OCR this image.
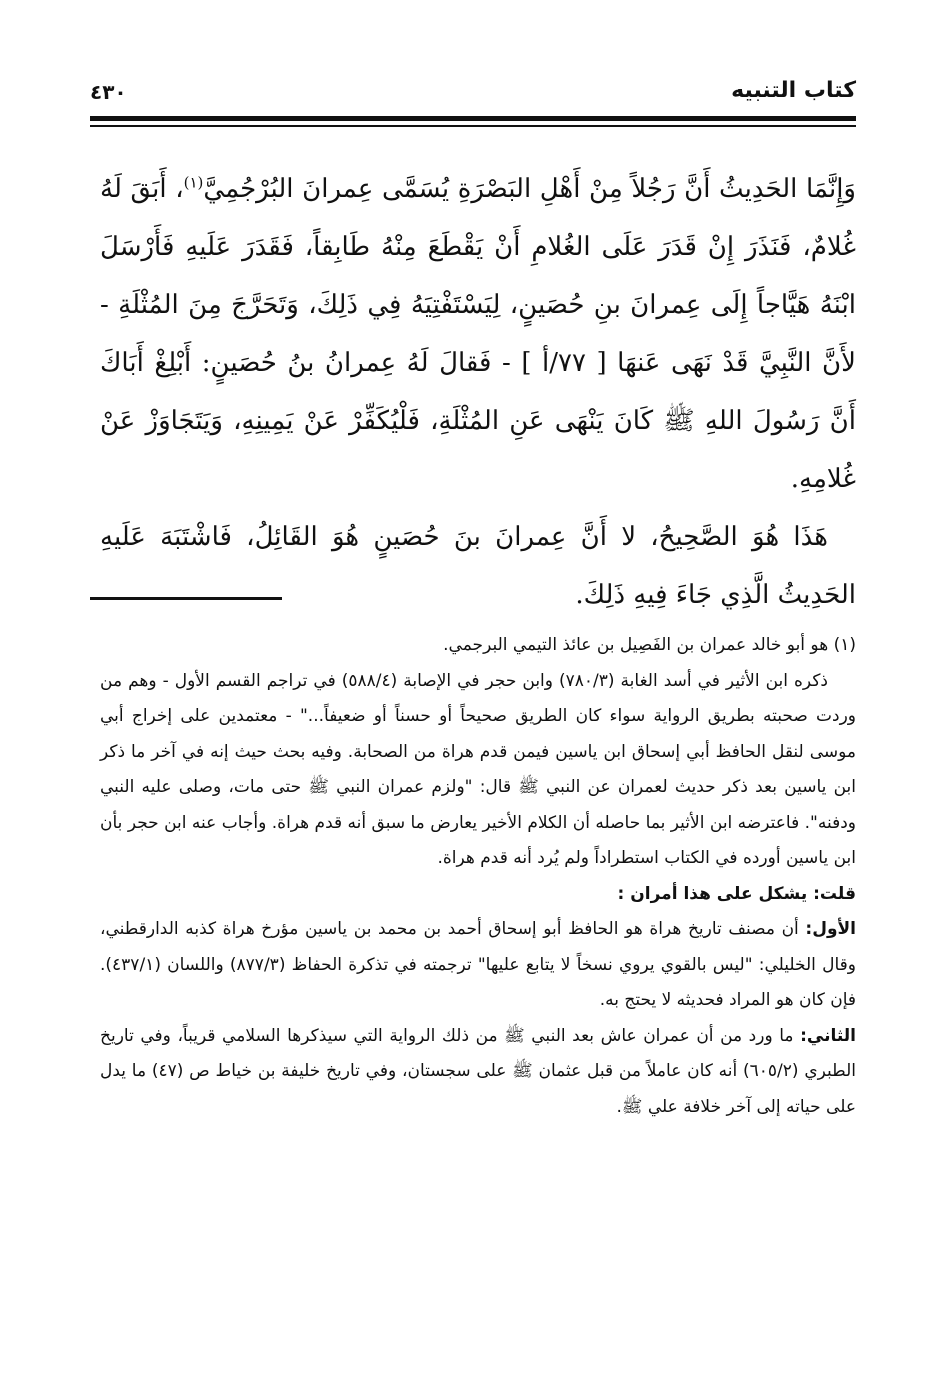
كتاب التنبيه
٤٣٠

وَإِنَّمَا الحَدِيثُ أَنَّ رَجُلاً مِنْ أَهْلِ البَصْرَةِ يُسَمَّى عِمرانَ البُرْجُمِيَّ$^{(١)}$، أَبَقَ لَهُ غُلامٌ، فَنَذَرَ إِنْ قَدَرَ عَلَى الغُلامِ أَنْ يَقْطَعَ مِنْهُ طَابِقاً، فَقَدَرَ عَلَيهِ فَأَرْسَلَ ابْنَهُ هَيَّاجاً إِلَى عِمرانَ بنِ حُصَينٍ، لِيَسْتَفْتِيَهُ فِي ذَلِكَ، وَتَحَرَّجَ مِنَ المُثْلَةِ - لأَنَّ النَّبِيَّ قَدْ نَهَى عَنهَا [ ٧٧/أ ] - فَقالَ لَهُ عِمرانُ بنُ حُصَينٍ: أَبْلِغْ أَبَاكَ أَنَّ رَسُولَ اللهِ ﷺ كَانَ يَنْهَى عَنِ المُثْلَةِ، فَلْيُكَفِّرْ عَنْ يَمِينِهِ، وَيَتَجَاوَزْ عَنْ غُلامِهِ.

هَذَا هُوَ الصَّحِيحُ، لا أَنَّ عِمرانَ بنَ حُصَينٍ هُوَ القَائِلُ، فَاشْتَبَهَ عَلَيهِ الحَدِيثُ الَّذِي جَاءَ فِيهِ ذَلِكَ.

(١) هو أبو خالد عمران بن الفَصِيل بن عائذ التيمي البرجمي.

ذكره ابن الأثير في أسد الغابة (٧٨٠/٣) وابن حجر في الإصابة (٥٨٨/٤) في تراجم القسم الأول - وهم من وردت صحبته بطريق الرواية سواء كان الطريق صحيحاً أو حسناً أو ضعيفاً..." - معتمدين على إخراج أبي موسى لنقل الحافظ أبي إسحاق ابن ياسين فيمن قدم هراة من الصحابة. وفيه بحث حيث إنه في آخر ما ذكر ابن ياسين بعد ذكر حديث لعمران عن النبي ﷺ قال: "ولزم عمران النبي ﷺ حتى مات، وصلى عليه النبي ودفنه". فاعترضه ابن الأثير بما حاصله أن الكلام الأخير يعارض ما سبق أنه قدم هراة. وأجاب عنه ابن حجر بأن ابن ياسين أورده في الكتاب استطراداً ولم يُرد أنه قدم هراة.

قلت: يشكل على هذا أمران :

الأول: أن مصنف تاريخ هراة هو الحافظ أبو إسحاق أحمد بن محمد بن ياسين مؤرخ هراة كذبه الدارقطني، وقال الخليلي: "ليس بالقوي يروي نسخاً لا يتابع عليها" ترجمته في تذكرة الحفاظ (٨٧٧/٣) واللسان (٤٣٧/١). فإن كان هو المراد فحديثه لا يحتج به.

الثاني: ما ورد من أن عمران عاش بعد النبي ﷺ من ذلك الرواية التي سيذكرها السلامي قريباً، وفي تاريخ الطبري (٦٠٥/٢) أنه كان عاملاً من قبل عثمان ﷺ على سجستان، وفي تاريخ خليفة بن خياط ص (٤٧) ما يدل على حياته إلى آخر خلافة علي ﷺ.
